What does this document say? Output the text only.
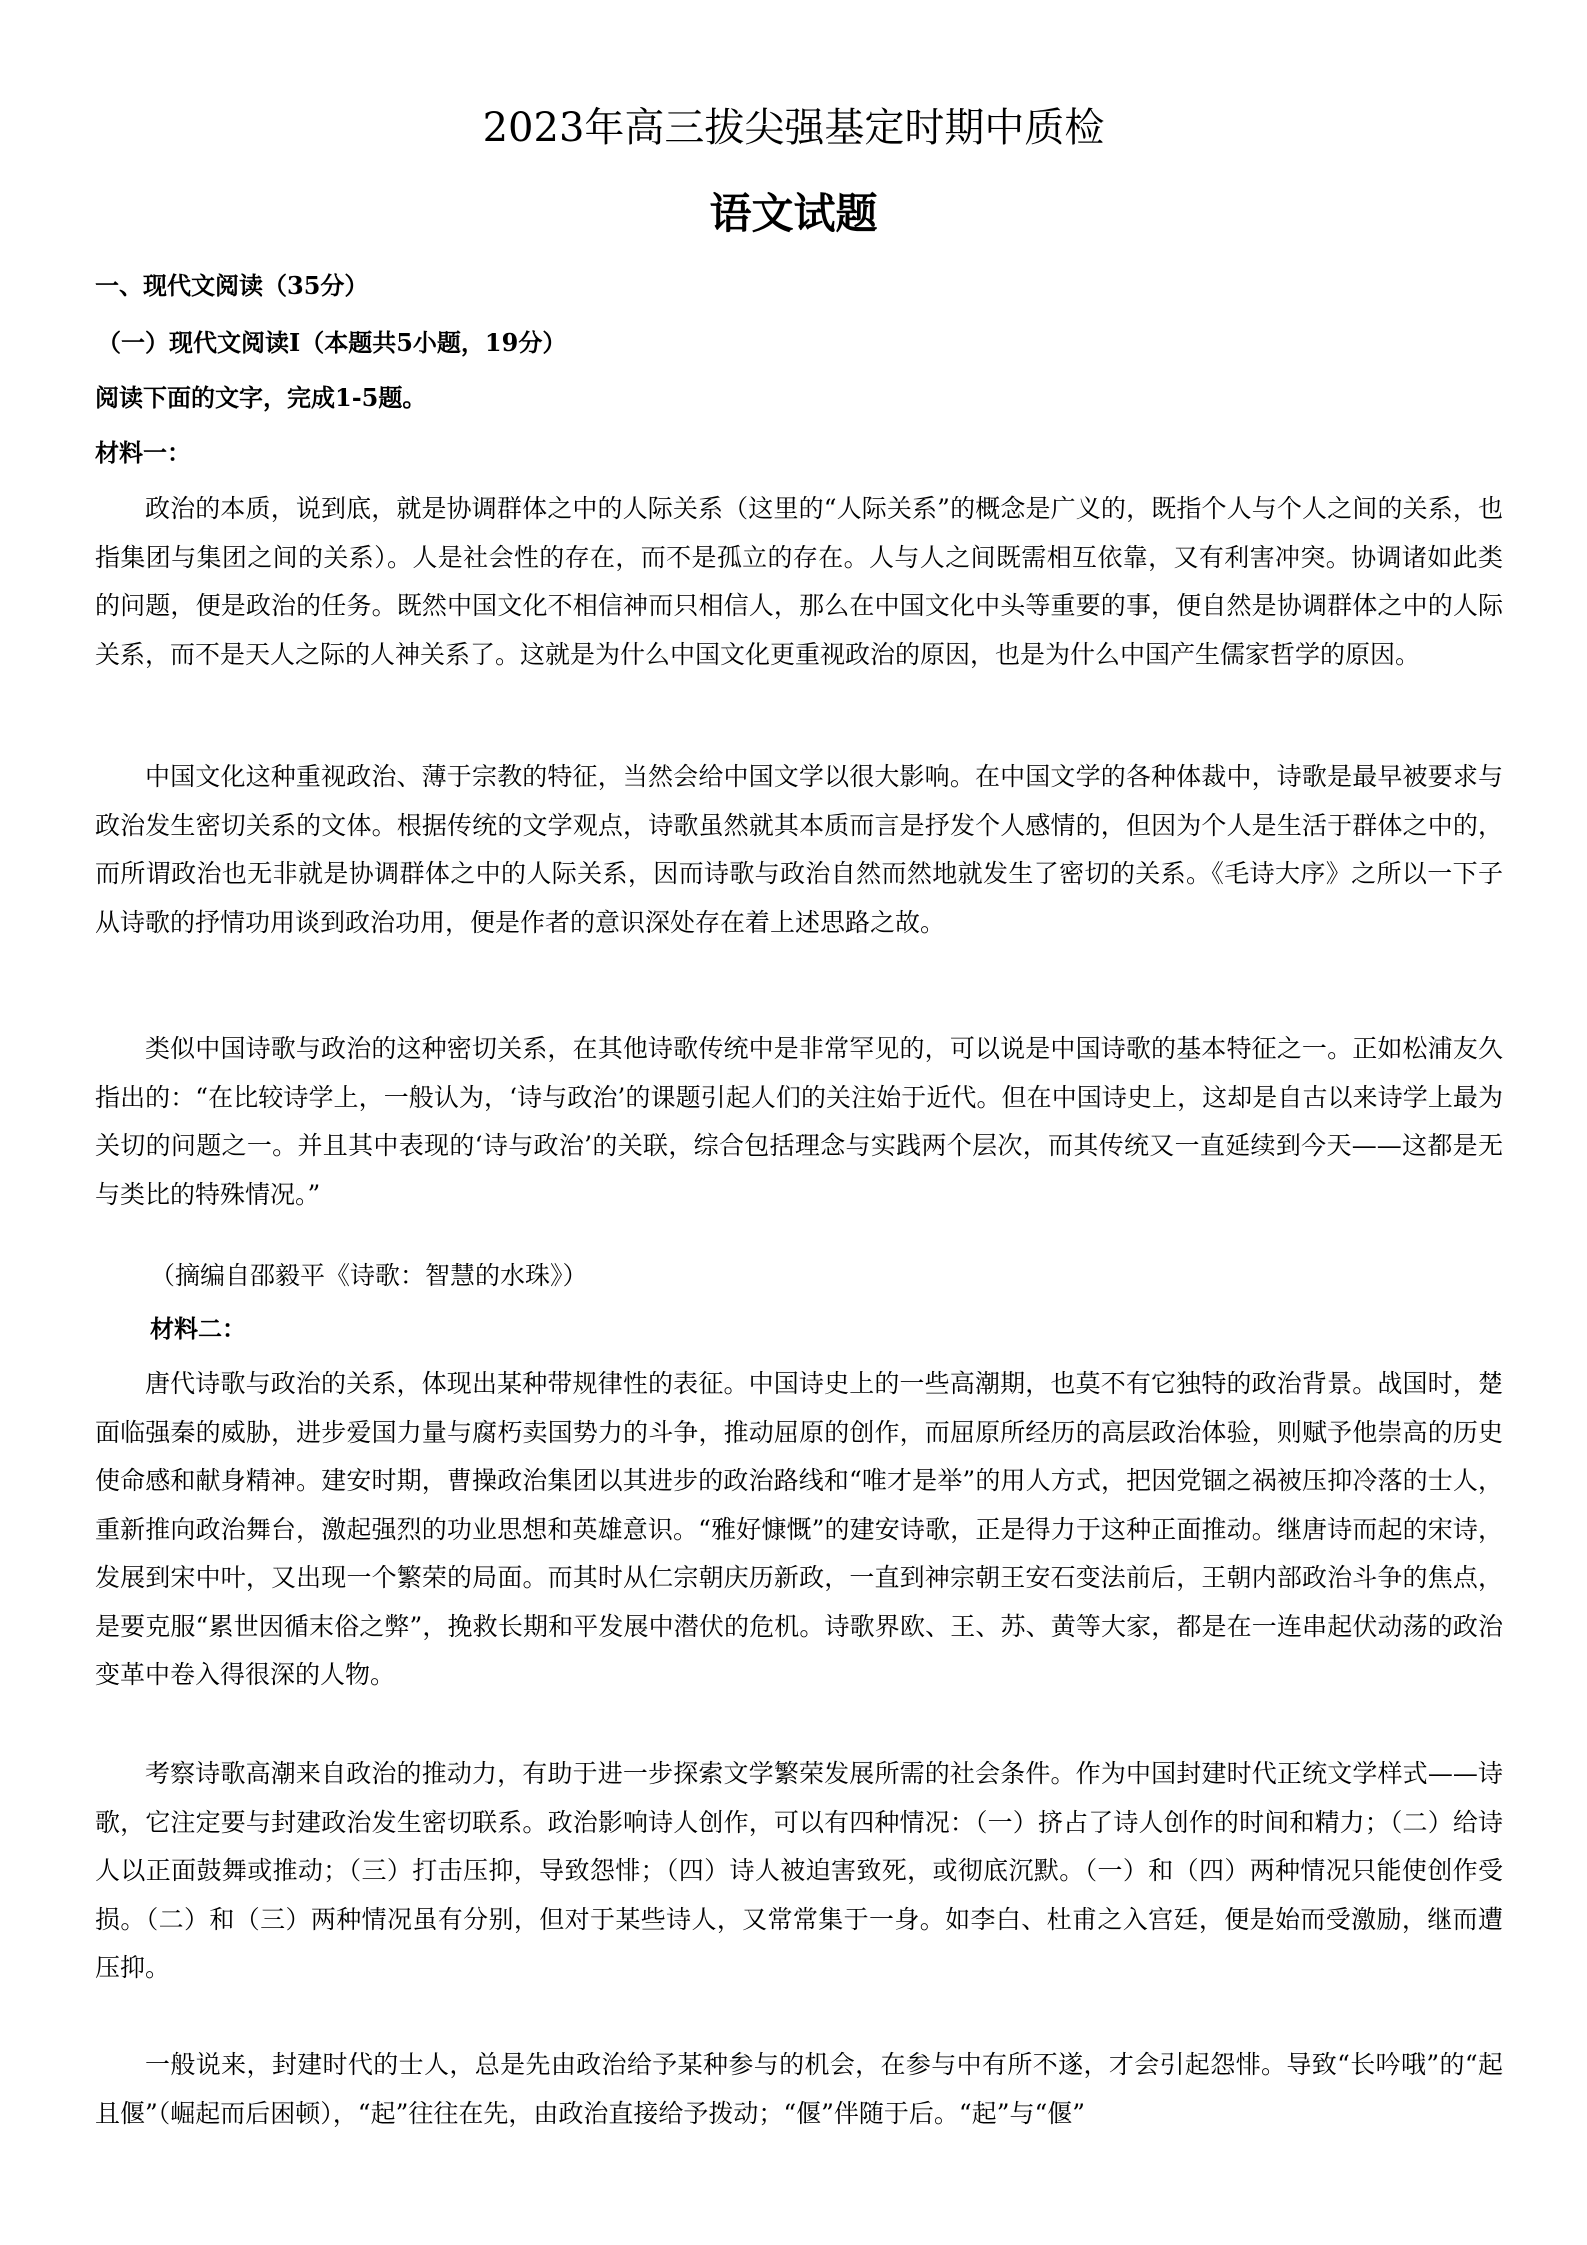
2023年高三拔尖强基定时期中质检
语文试题
一、现代文阅读（35分）
（一）现代文阅读Ⅰ（本题共5小题，19分）
阅读下面的文字，完成1-5题。
材料一：

政治的本质，说到底，就是协调群体之中的人际关系（这里的“人际关系”的概念是广义的，既指个人与个人之间的关系，也指集团与集团之间的关系）。人是社会性的存在，而不是孤立的存在。人与人之间既需相互依靠，又有利害冲突。协调诸如此类的问题，便是政治的任务。既然中国文化不相信神而只相信人，那么在中国文化中头等重要的事，便自然是协调群体之中的人际关系，而不是天人之际的人神关系了。这就是为什么中国文化更重视政治的原因，也是为什么中国产生儒家哲学的原因。

中国文化这种重视政治、薄于宗教的特征，当然会给中国文学以很大影响。在中国文学的各种体裁中，诗歌是最早被要求与政治发生密切关系的文体。根据传统的文学观点，诗歌虽然就其本质而言是抒发个人感情的，但因为个人是生活于群体之中的，而所谓政治也无非就是协调群体之中的人际关系，因而诗歌与政治自然而然地就发生了密切的关系。《毛诗大序》之所以一下子从诗歌的抒情功用谈到政治功用，便是作者的意识深处存在着上述思路之故。

类似中国诗歌与政治的这种密切关系，在其他诗歌传统中是非常罕见的，可以说是中国诗歌的基本特征之一。正如松浦友久指出的：“在比较诗学上，一般认为，‘诗与政治’的课题引起人们的关注始于近代。但在中国诗史上，这却是自古以来诗学上最为关切的问题之一。并且其中表现的‘诗与政治’的关联，综合包括理念与实践两个层次，而其传统又一直延续到今天——这都是无与类比的特殊情况。”

（摘编自邵毅平《诗歌：智慧的水珠》）
材料二：

唐代诗歌与政治的关系，体现出某种带规律性的表征。中国诗史上的一些高潮期，也莫不有它独特的政治背景。战国时，楚面临强秦的威胁，进步爱国力量与腐朽卖国势力的斗争，推动屈原的创作，而屈原所经历的高层政治体验，则赋予他崇高的历史使命感和献身精神。建安时期，曹操政治集团以其进步的政治路线和“唯才是举”的用人方式，把因党锢之祸被压抑冷落的士人，重新推向政治舞台，激起强烈的功业思想和英雄意识。“雅好慷慨”的建安诗歌，正是得力于这种正面推动。继唐诗而起的宋诗，发展到宋中叶，又出现一个繁荣的局面。而其时从仁宗朝庆历新政，一直到神宗朝王安石变法前后，王朝内部政治斗争的焦点，是要克服“累世因循末俗之弊”，挽救长期和平发展中潜伏的危机。诗歌界欧、王、苏、黄等大家，都是在一连串起伏动荡的政治变革中卷入得很深的人物。

考察诗歌高潮来自政治的推动力，有助于进一步探索文学繁荣发展所需的社会条件。作为中国封建时代正统文学样式——诗歌，它注定要与封建政治发生密切联系。政治影响诗人创作，可以有四种情况：（一）挤占了诗人创作的时间和精力；（二）给诗人以正面鼓舞或推动；（三）打击压抑，导致怨悱；（四）诗人被迫害致死，或彻底沉默。（一）和（四）两种情况只能使创作受损。（二）和（三）两种情况虽有分别，但对于某些诗人，又常常集于一身。如李白、杜甫之入宫廷，便是始而受激励，继而遭压抑。

一般说来，封建时代的士人，总是先由政治给予某种参与的机会，在参与中有所不遂，才会引起怨悱。导致“长吟哦”的“起且偃”（崛起而后困顿），“起”往往在先，由政治直接给予拨动；“偃”伴随于后。“起”与“偃”
